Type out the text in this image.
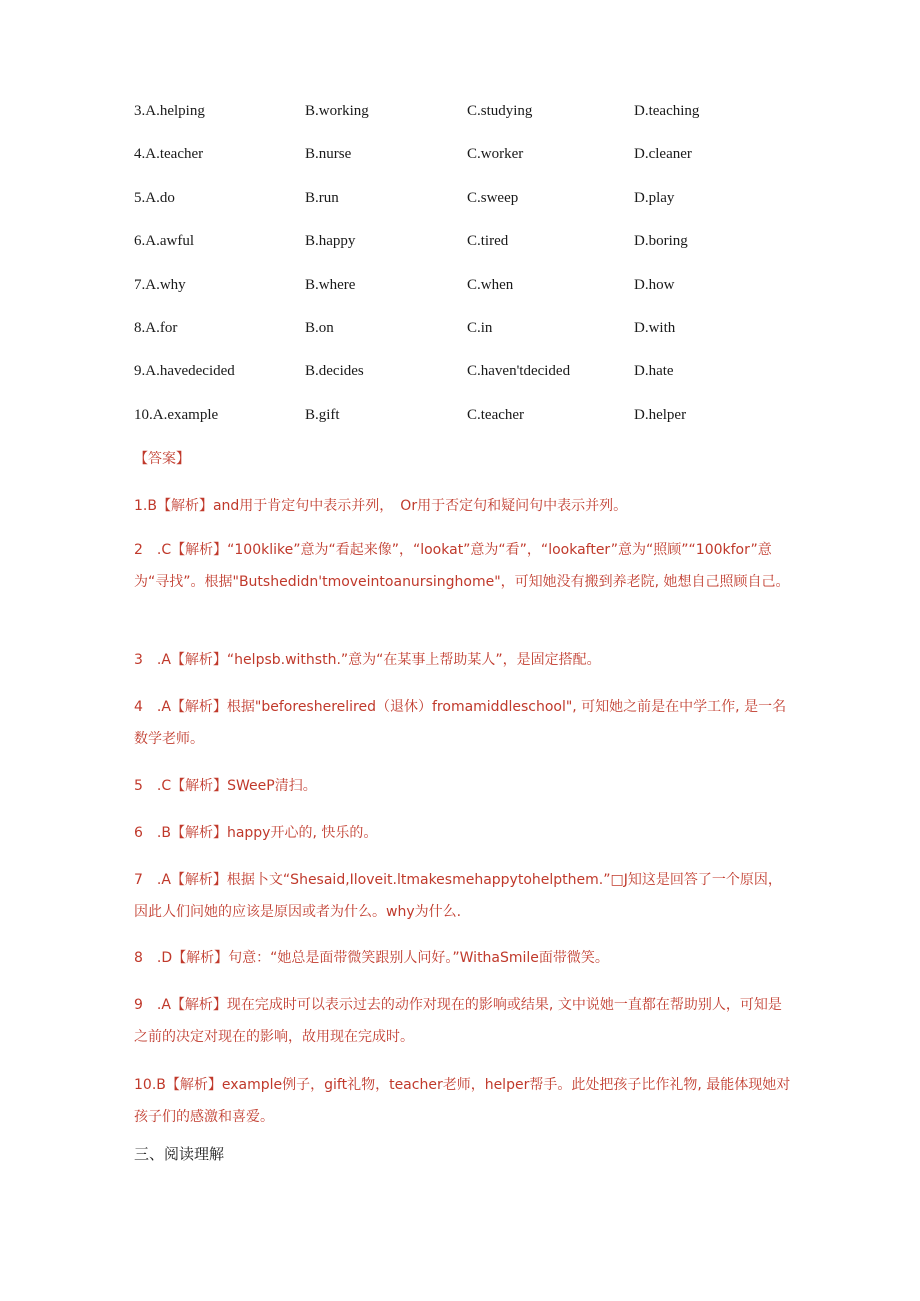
3.A.helping	B.working	C.studying	D.teaching
4.A.teacher	B.nurse	C.worker	D.cleaner
5.A.do	B.run	C.sweep	D.play
6.A.awful	B.happy	C.tired	D.boring
7.A.why	B.where	C.when	D.how
8.A.for	B.on	C.in	D.with
9.A.havedecided	B.decides	C.haven'tdecided	D.hate
10.A.example	B.gift	C.teacher	D.helper
【答案】
1.B【解析】and用于肯定句中表示并列，　Or用于否定句和疑问句中表示并列。
2　.C【解析】“100klike”意为“看起来像”，“lookat”意为“看”，“lookafter”意为“照顾”“100kfor”意为“寻找”。根据"Butshedidn'tmoveintoanursinghome"，可知她没有搬到养老院, 她想自己照顾自己。
3　.A【解析】“helpsb.withsth.”意为“在某事上帮助某人”，是固定搭配。
4　.A【解析】根据"beforesherelired（退休）fromamiddleschool", 可知她之前是在中学工作, 是一名数学老师。
5　.C【解析】SWeeP清扫。
6　.B【解析】happy开心的, 快乐的。
7　.A【解析】根据卜文“Shesaid,Iloveit.ltmakesmehappytohelpthem.”□J知这是回答了一个原因，因此人们问她的应该是原因或者为什么。why为什么.
8　.D【解析】句意：“她总是面带微笑跟别人问好。”WithaSmile面带微笑。
9　.A【解析】现在完成时可以表示过去的动作对现在的影响或结果, 文中说她一直都在帮助别人，可知是之前的决定对现在的影响，故用现在完成时。
10.B【解析】example例子，gift礼物，teacher老师，helper帮手。此处把孩子比作礼物, 最能体现她对孩子们的感激和喜爱。
三、阅读理解
